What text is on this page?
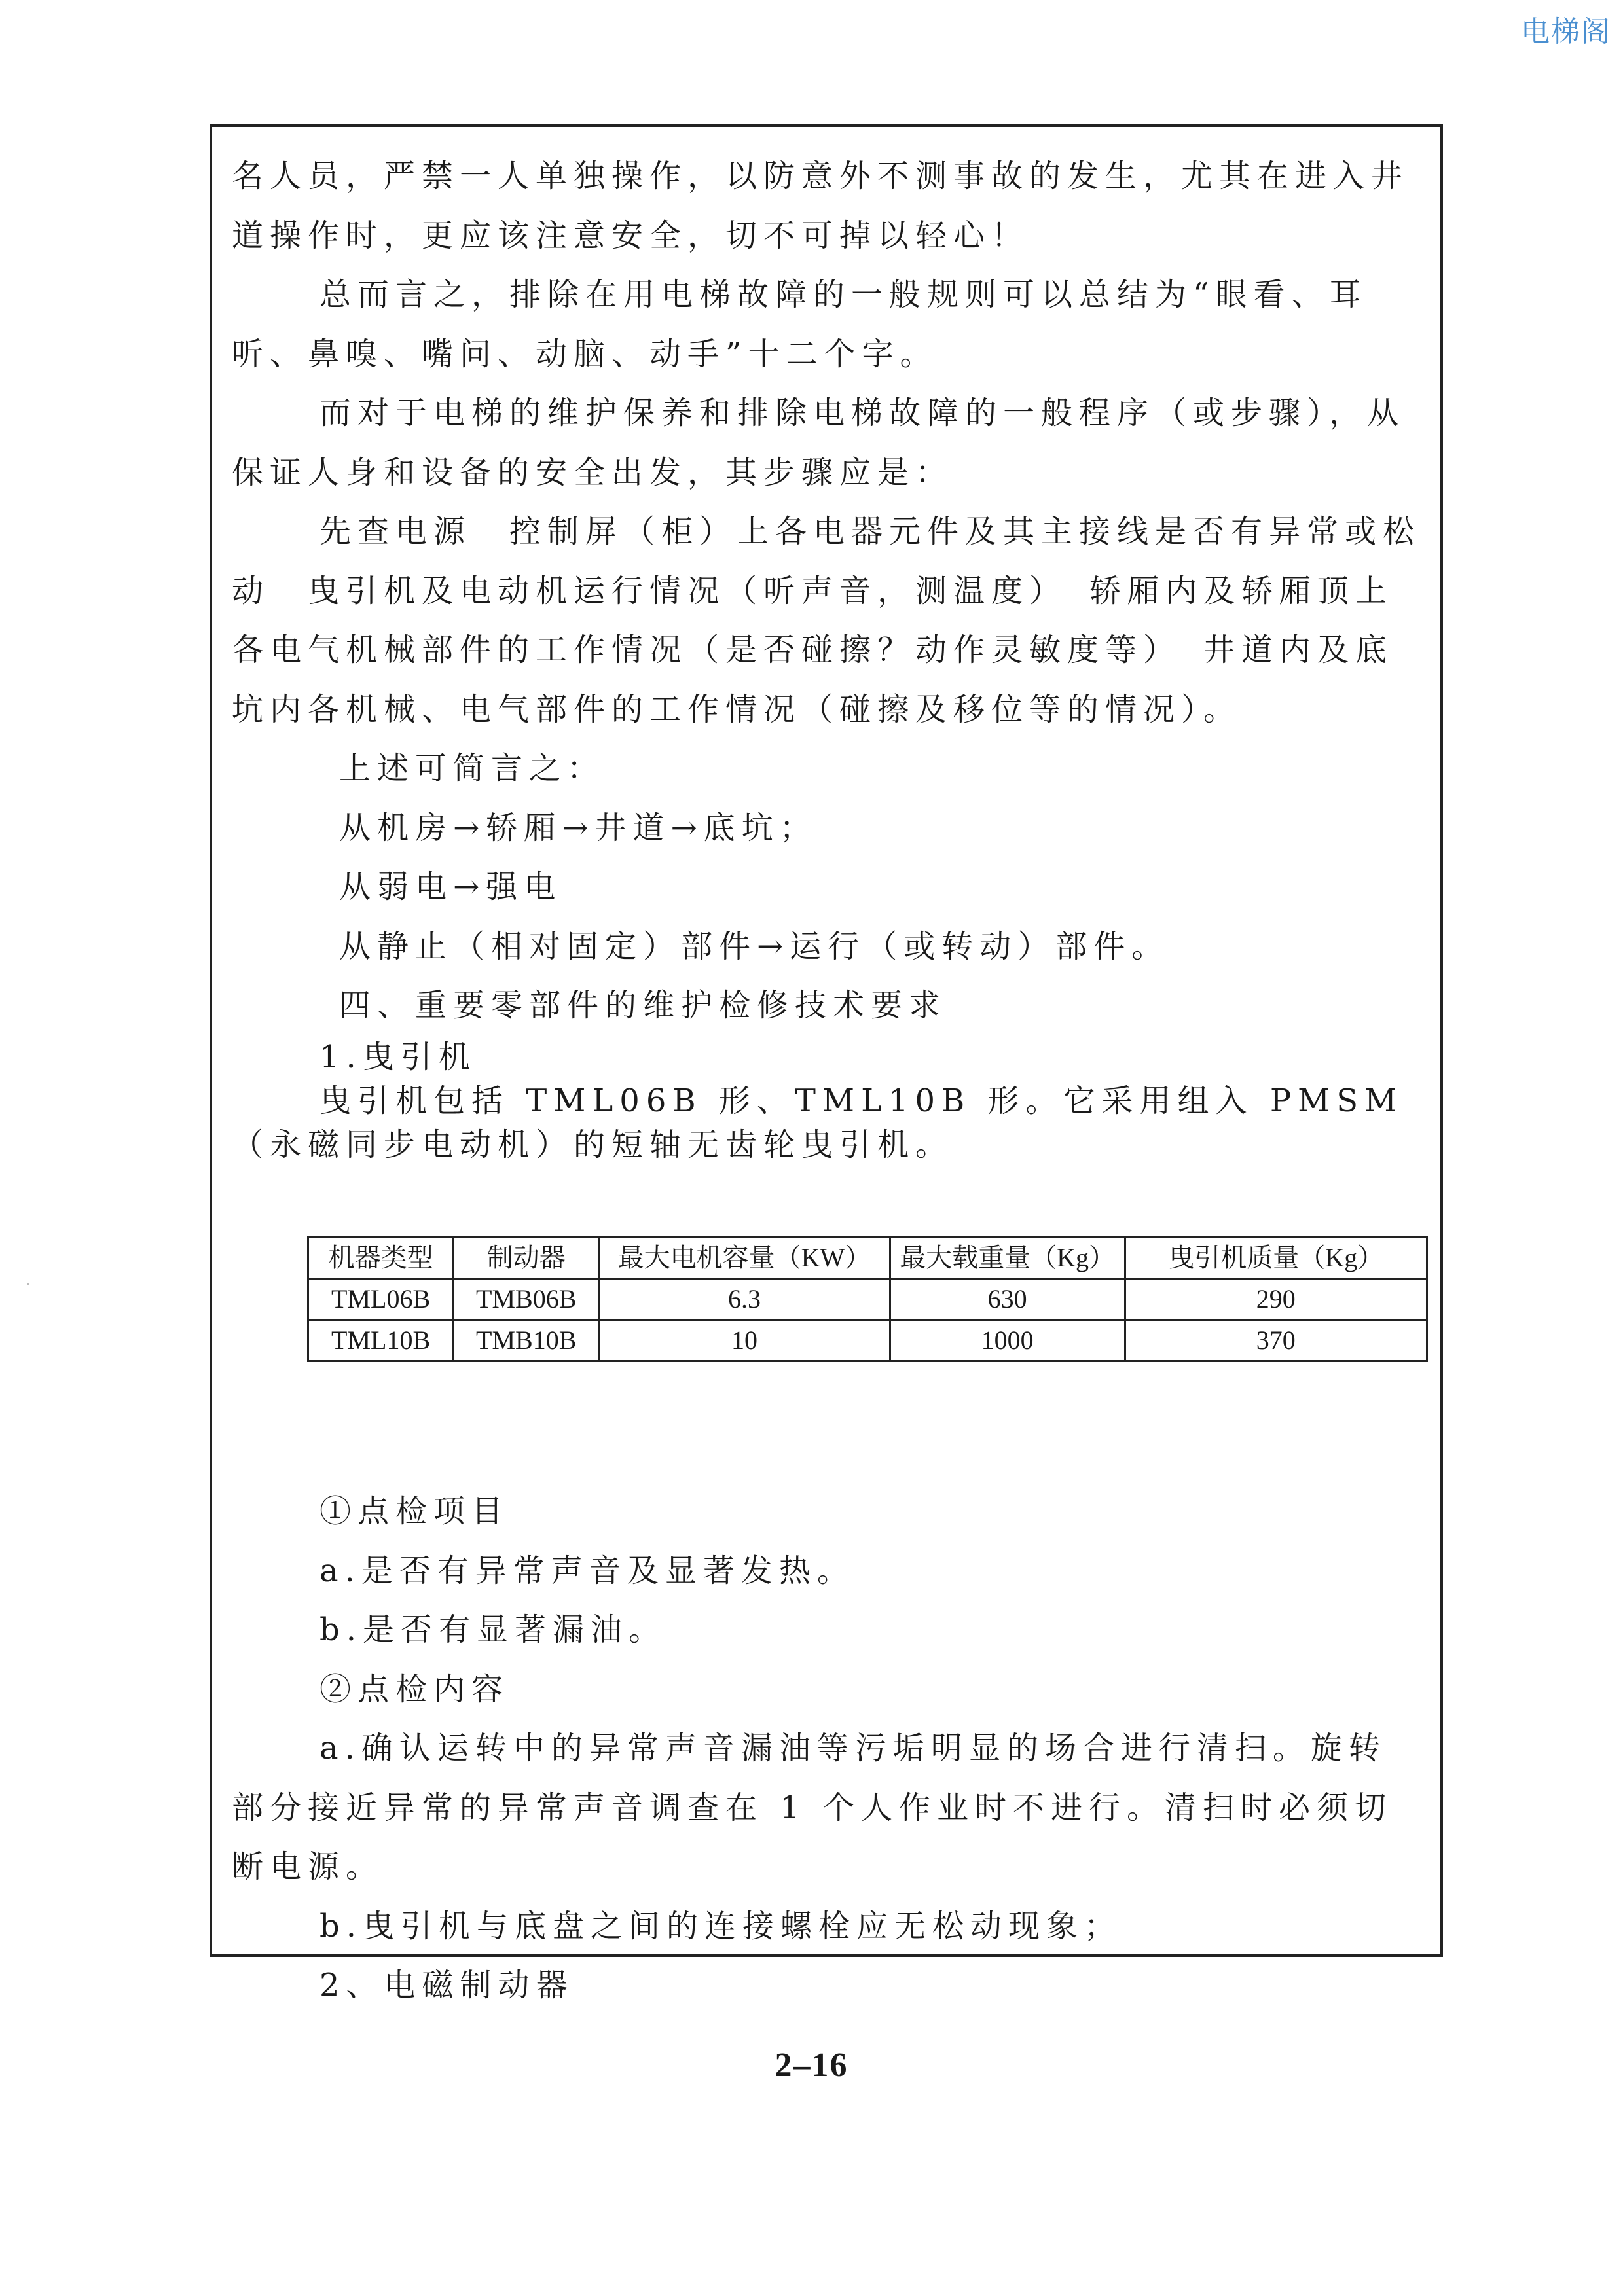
电梯阁

名人员，严禁一人单独操作，以防意外不测事故的发生，尤其在进入井道操作时，更应该注意安全，切不可掉以轻心！

总而言之，排除在用电梯故障的一般规则可以总结为“眼看、耳听、鼻嗅、嘴问、动脑、动手”十二个字。

而对于电梯的维护保养和排除电梯故障的一般程序（或步骤），从保证人身和设备的安全出发，其步骤应是：

先查电源　控制屏（柜）上各电器元件及其主接线是否有异常或松动　曳引机及电动机运行情况（听声音，测温度）　轿厢内及轿厢顶上各电气机械部件的工作情况（是否碰擦？动作灵敏度等）　井道内及底坑内各机械、电气部件的工作情况（碰擦及移位等的情况）。

上述可简言之：

从机房→轿厢→井道→底坑；

从弱电→强电

从静止（相对固定）部件→运行（或转动）部件。

四、重要零部件的维护检修技术要求

1.曳引机

曳引机包括 TML06B 形、TML10B 形。它采用组入 PMSM（永磁同步电动机）的短轴无齿轮曳引机。

机器类型	制动器	最大电机容量（KW）	最大载重量（Kg）	曳引机质量（Kg）
TML06B	TMB06B	6.3	630	290
TML10B	TMB10B	10	1000	370

①点检项目

a.是否有异常声音及显著发热。

b.是否有显著漏油。

②点检内容

a.确认运转中的异常声音漏油等污垢明显的场合进行清扫。旋转部分接近异常的异常声音调查在 1 个人作业时不进行。清扫时必须切断电源。

b.曳引机与底盘之间的连接螺栓应无松动现象；

2、电磁制动器

2–16
